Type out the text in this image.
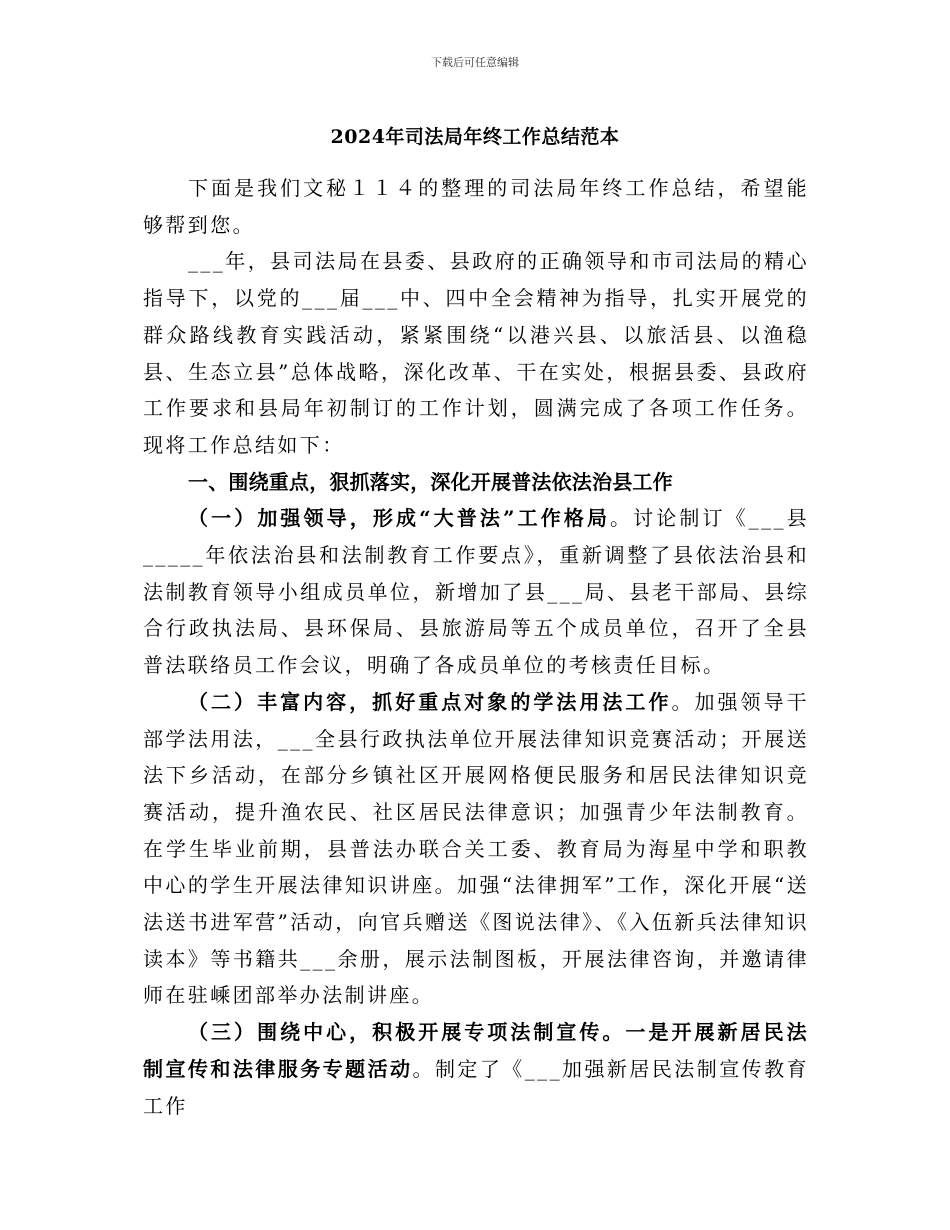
下载后可任意编辑
2024年司法局年终工作总结范本

下面是我们文秘１１４的整理的司法局年终工作总结，希望能够帮到您。

___年，县司法局在县委、县政府的正确领导和市司法局的精心指导下，以党的___届___中、四中全会精神为指导，扎实开展党的群众路线教育实践活动，紧紧围绕“以港兴县、以旅活县、以渔稳县、生态立县”总体战略，深化改革、干在实处，根据县委、县政府工作要求和县局年初制订的工作计划，圆满完成了各项工作任务。现将工作总结如下：

一、围绕重点，狠抓落实，深化开展普法依法治县工作

（一）加强领导，形成“大普法”工作格局。讨论制订《___县_____年依法治县和法制教育工作要点》，重新调整了县依法治县和法制教育领导小组成员单位，新增加了县___局、县老干部局、县综合行政执法局、县环保局、县旅游局等五个成员单位，召开了全县普法联络员工作会议，明确了各成员单位的考核责任目标。

（二）丰富内容，抓好重点对象的学法用法工作。加强领导干部学法用法，___全县行政执法单位开展法律知识竞赛活动；开展送法下乡活动，在部分乡镇社区开展网格便民服务和居民法律知识竞赛活动，提升渔农民、社区居民法律意识；加强青少年法制教育。在学生毕业前期，县普法办联合关工委、教育局为海星中学和职教中心的学生开展法律知识讲座。加强“法律拥军”工作，深化开展“送法送书进军营”活动，向官兵赠送《图说法律》、《入伍新兵法律知识读本》等书籍共___余册，展示法制图板，开展法律咨询，并邀请律师在驻嵊团部举办法制讲座。

（三）围绕中心，积极开展专项法制宣传。一是开展新居民法制宣传和法律服务专题活动。制定了《___加强新居民法制宣传教育工作
